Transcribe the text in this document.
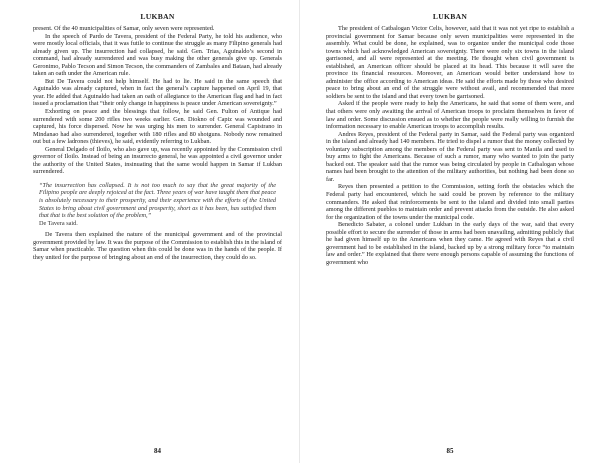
LUKBAN

present. Of the 40 municipalities of Samar, only seven were represented.

In the speech of Pardo de Tavera, president of the Federal Party, he told his audience, who were mostly local officials, that it was futile to continue the struggle as many Filipino generals had already given up. The insurrection had collapsed, he said. Gen. Trias, Aguinaldo’s second in command, had already surrendered and was busy making the other generals give up. Generals Geronimo, Pablo Tecson and Simon Tecson, the commanders of Zambales and Bataan, had already taken an oath under the American rule.

But De Tavera could not help himself. He had to lie. He said in the same speech that Aguinaldo was already captured, when in fact the general’s capture happened on April 19, that year. He added that Aguinaldo had taken an oath of allegiance to the American flag and had in fact issued a proclamation that “their only change in happiness is peace under American sovereignty.”

Exhorting on peace and the blessings that follow, he said Gen. Fulton of Antique had surrendered with some 200 rifles two weeks earlier. Gen. Diokno of Capiz was wounded and captured, his force dispersed. Now he was urging his men to surrender. General Capistrano in Mindanao had also surrendered, together with 180 rifles and 80 shotguns. Nobody now remained out but a few ladrones (thieves), he said, evidently referring to Lukban.

General Delgado of Iloilo, who also gave up, was recently appointed by the Commission civil governor of Iloilo. Instead of being an insurrecto general, he was appointed a civil governor under the authority of the United States, insinuating that the same would happen in Samar if Lukban surrendered.

“The insurrection has collapsed. It is not too much to say that the great majority of the Filipino people are deeply rejoiced at the fact. Three years of war have taught them that peace is absolutely necessary to their prosperity, and their experience with the efforts of the United States to bring about civil government and prosperity, short as it has been, has satisfied them that that is the best solution of the problem,”
De Tavera said.

De Tavera then explained the nature of the municipal government and of the provincial government provided by law. It was the purpose of the Commission to establish this in the island of Samar when practicable. The question when this could be done was in the hands of the people. If they united for the purpose of bringing about an end of the insurrection, they could do so.

84
LUKBAN

The president of Catbalogan Victor Celis, however, said that it was not yet ripe to establish a provincial government for Samar because only seven municipalities were represented in the assembly. What could be done, he explained, was to organize under the municipal code those towns which had acknowledged American sovereignty. There were only six towns in the island garrisoned, and all were represented at the meeting. He thought when civil government is established, an American officer should be placed at its head. This because it will save the province its financial resources. Moreover, an American would better understand how to administer the office according to American ideas. He said the efforts made by those who desired peace to bring about an end of the struggle were without avail, and recommended that more soldiers be sent to the island and that every town be garrisoned.

Asked if the people were ready to help the Americans, he said that some of them were, and that others were only awaiting the arrival of American troops to proclaim themselves in favor of law and order. Some discussion ensued as to whether the people were really willing to furnish the information necessary to enable American troops to accomplish results.

Andres Reyes, president of the Federal party in Samar, said the Federal party was organized in the island and already had 140 members. He tried to dispel a rumor that the money collected by voluntary subscription among the members of the Federal party was sent to Manila and used to buy arms to fight the Americans. Because of such a rumor, many who wanted to join the party backed out. The speaker said that the rumor was being circulated by people in Catbalogan whose names had been brought to the attention of the military authorities, but nothing had been done so far.

Reyes then presented a petition to the Commission, setting forth the obstacles which the Federal party had encountered, which he said could be proven by reference to the military commanders. He asked that reinforcements be sent to the island and divided into small parties among the different pueblos to maintain order and prevent attacks from the outside. He also asked for the organization of the towns under the municipal code.

Benedicto Sabater, a colonel under Lukban in the early days of the war, said that every possible effort to secure the surrender of those in arms had been unavailing, admitting publicly that he had given himself up to the Americans when they came. He agreed with Reyes that a civil government had to be established in the island, backed up by a strong military force “to maintain law and order.” He explained that there were enough persons capable of assuming the functions of government who

85
